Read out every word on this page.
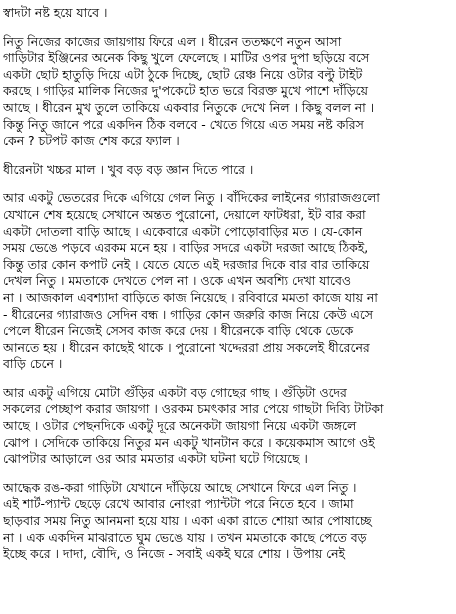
স্বাদটা নষ্ট হয়ে যাবে ।
নিতু নিজের কাজের জায়গায় ফিরে এল । ধীরেন ততক্ষণে নতুন আসা
গাড়িটার ইঞ্জিনের অনেক কিছু খুলে ফেলেছে । মাটির ওপর দুপা ছড়িয়ে বসে
একটা ছোট হাতুড়ি দিয়ে এটা ঠুকে দিচ্ছে, ছোট রেঞ্চ নিয়ে ওটার বল্টু টাইট
করছে । গাড়ির মালিক নিজের দু'পকেটে হাত ভরে বিরক্ত মুখে পাশে দাঁড়িয়ে
আছে । ধীরেন মুখ তুলে তাকিয়ে একবার নিতুকে দেখে নিল । কিছু বলল না ।
কিন্তু নিতু জানে পরে একদিন ঠিক বলবে - খেতে গিয়ে এত সময় নষ্ট করিস
কেন ? চটপট কাজ শেষ করে ফ্যাল ।
ধীরেনটা খচ্চর মাল । খুব বড় বড় জ্ঞান দিতে পারে ।
আর একটু ভেতরের দিকে এগিয়ে গেল নিতু । বাঁদিকের লাইনের গ্যারাজগুলো
যেখানে শেষ হয়েছে সেখানে অন্তত পুরোনো, দেয়ালে ফাটধরা, ইট বার করা
একটা দোতলা বাড়ি আছে । একেবারে একটা পোড়োবাড়ির মত । যে-কোন
সময় ভেঙে পড়বে এরকম মনে হয় । বাড়ির সদরে একটা দরজা আছে ঠিকই,
কিন্তু তার কোন কপাট নেই । যেতে যেতে এই দরজার দিকে বার বার তাকিয়ে
দেখল নিতু । মমতাকে দেখতে পেল না । ওকে এখন অবশ্যি দেখা যাবেও
না । আজকাল এবশ্যাদা বাড়িতে কাজ নিয়েছে । রবিবারে মমতা কাজে যায় না
- ধীরেনের গ্যারাজও সেদিন বন্ধ । গাড়ির কোন জরুরি কাজ নিয়ে কেউ এসে
পেলে ধীরেন নিজেই সেসব কাজ করে দেয় । ধীরেনকে বাড়ি থেকে ডেকে
আনতে হয় । ধীরেন কাছেই থাকে । পুরোনো খদ্দেররা প্রায় সকলেই ধীরেনের
বাড়ি চেনে ।
আর একটু এগিয়ে মোটা গুঁড়ির একটা বড় গোছের গাছ । গুঁড়িটা ওদের
সকলের পেচ্ছাপ করার জায়গা । ওরকম চমৎকার সার পেয়ে গাছটা দিব্যি টাটকা
আছে । ওটার পেছনদিকে একটু দূরে অনেকটা জায়গা নিয়ে একটা জঙ্গলে
ঝোপ । সেদিকে তাকিয়ে নিতুর মন একটু খানটান করে । কয়েকমাস আগে ওই
ঝোপটার আড়ালে ওর আর মমতার একটা ঘটনা ঘটে গিয়েছে ।
আদ্ধেক রঙ-করা গাড়িটা যেখানে দাঁড়িয়ে আছে সেখানে ফিরে এল নিতু ।
এই শার্ট-প্যান্ট ছেড়ে রেখে আবার নোংরা প্যান্টটা পরে নিতে হবে । জামা
ছাড়বার সময় নিতু আনমনা হয়ে যায় । একা একা রাতে শোয়া আর পোষাচ্ছে
না । এক একদিন মাঝরাতে ঘুম ভেঙে যায় । তখন মমতাকে কাছে পেতে বড়
ইচ্ছে করে । দাদা, বৌদি, ও নিজে - সবাই একই ঘরে শোয় । উপায় নেই
